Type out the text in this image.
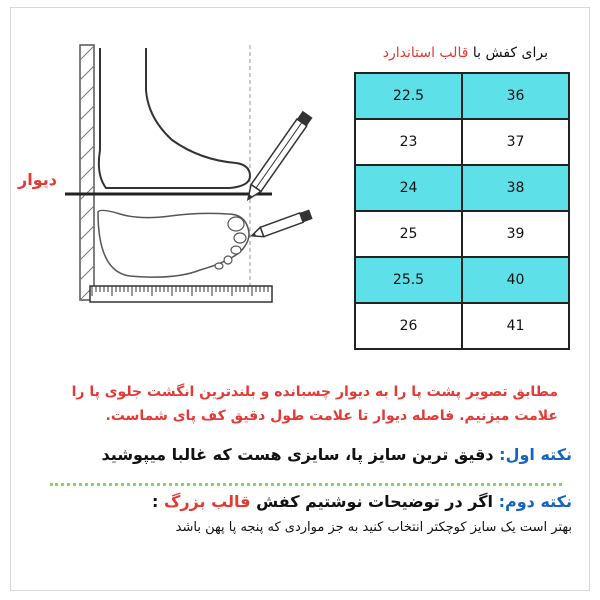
دیوار
برای کفش با قالب استاندارد
22.5	36
23	37
24	38
25	39
25.5	40
26	41
مطابق تصویر پشت پا را به دیوار چسبانده و بلندترین انگشت جلوی پا را علامت میزنیم. فاصله دیوار تا علامت طول دقیق کف پای شماست.
نکته اول: دقیق ترین سایز پا، سایزی هست که غالبا میپوشید
نکته دوم: اگر در توضیحات نوشتیم کفش قالب بزرگ :
بهتر است یک سایز کوچکتر انتخاب کنید به جز مواردی که پنجه پا پهن باشد
